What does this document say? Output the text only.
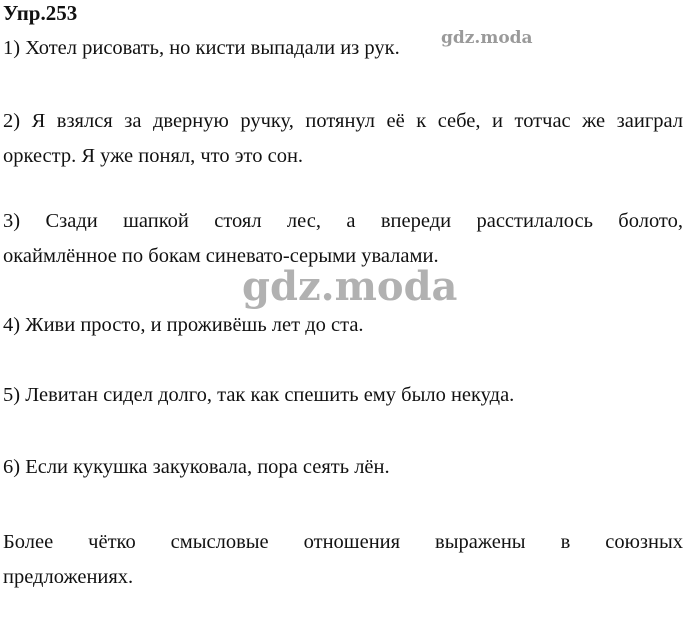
Упр.253
1) Хотел рисовать, но кисти выпадали из рук.
2) Я взялся за дверную ручку, потянул её к себе, и тотчас же заиграл
оркестр. Я уже понял, что это сон.
3) Сзади шапкой стоял лес, а впереди расстилалось болото,
окаймлённое по бокам синевато-серыми увалами.
4) Живи просто, и проживёшь лет до ста.
5) Левитан сидел долго, так как спешить ему было некуда.
6) Если кукушка закуковала, пора сеять лён.
Более чётко смысловые отношения выражены в союзных
предложениях.
gdz.moda
gdz.moda
